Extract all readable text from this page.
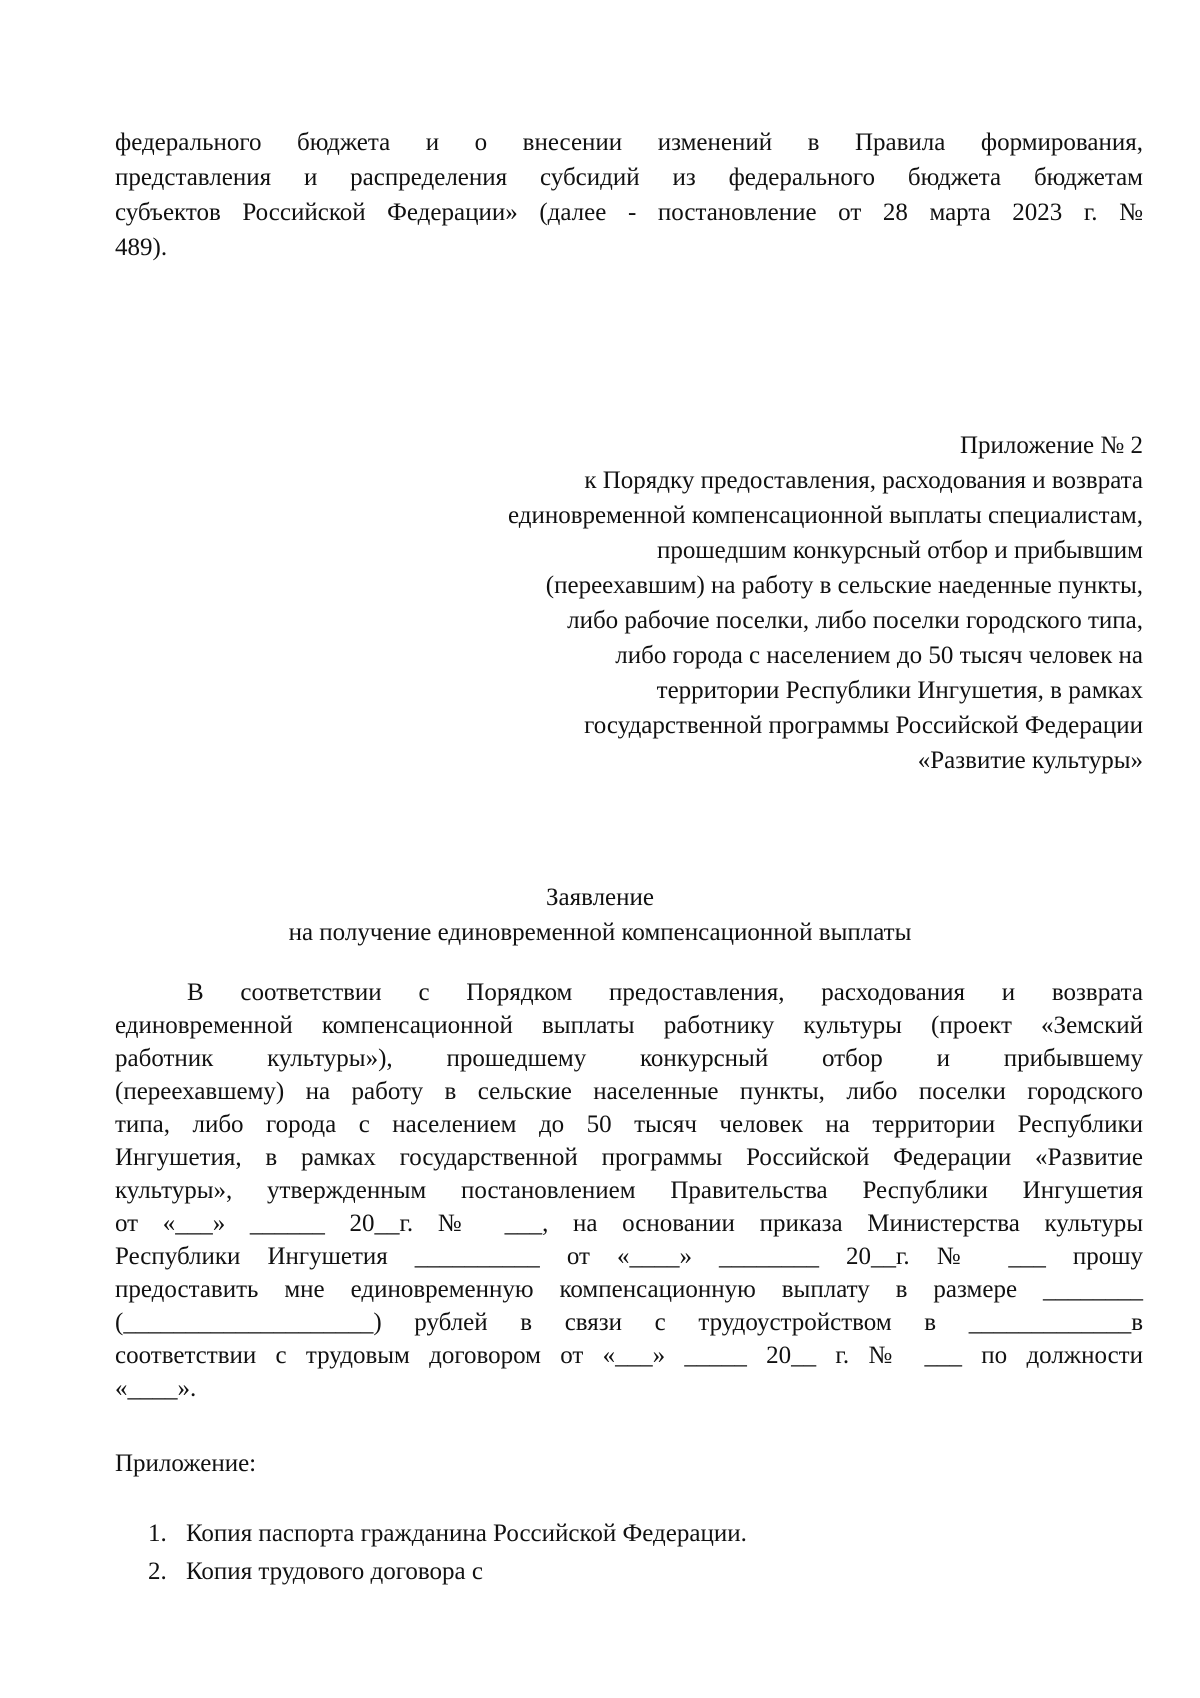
федерального бюджета и о внесении изменений в Правила формирования,
представления и распределения субсидий из федерального бюджета бюджетам
субъектов Российской Федерации» (далее - постановление от 28 марта 2023 г. №
489).
Приложение № 2
к Порядку предоставления, расходования и возврата
единовременной компенсационной выплаты специалистам,
прошедшим конкурсный отбор и прибывшим
(переехавшим) на работу в сельские наеденные пункты,
либо рабочие поселки, либо поселки городского типа,
либо города с населением до 50 тысяч человек на
территории Республики Ингушетия, в рамках
государственной программы Российской Федерации
«Развитие культуры»
Заявление
на получение единовременной компенсационной выплаты
В соответствии с Порядком предоставления, расходования и возврата
единовременной компенсационной выплаты работнику культуры (проект «Земский
работник культуры»), прошедшему конкурсный отбор и прибывшему
(переехавшему) на работу в сельские населенные пункты, либо поселки городского
типа, либо города с населением до 50 тысяч человек на территории Республики
Ингушетия, в рамках государственной программы Российской Федерации «Развитие
культуры», утвержденным постановлением Правительства Республики Ингушетия
от «___» ______ 20__г. № ___, на основании приказа Министерства культуры
Республики Ингушетия __________ от «____» ________ 20__г. № ___ прошу
предоставить мне единовременную компенсационную выплату в размере ________
(____________________) рублей в связи с трудоустройством в _____________в
соответствии с трудовым договором от «___» _____ 20__ г. № ___ по должности
«____».
Приложение:
1. Копия паспорта гражданина Российской Федерации.
2. Копия трудового договора с
